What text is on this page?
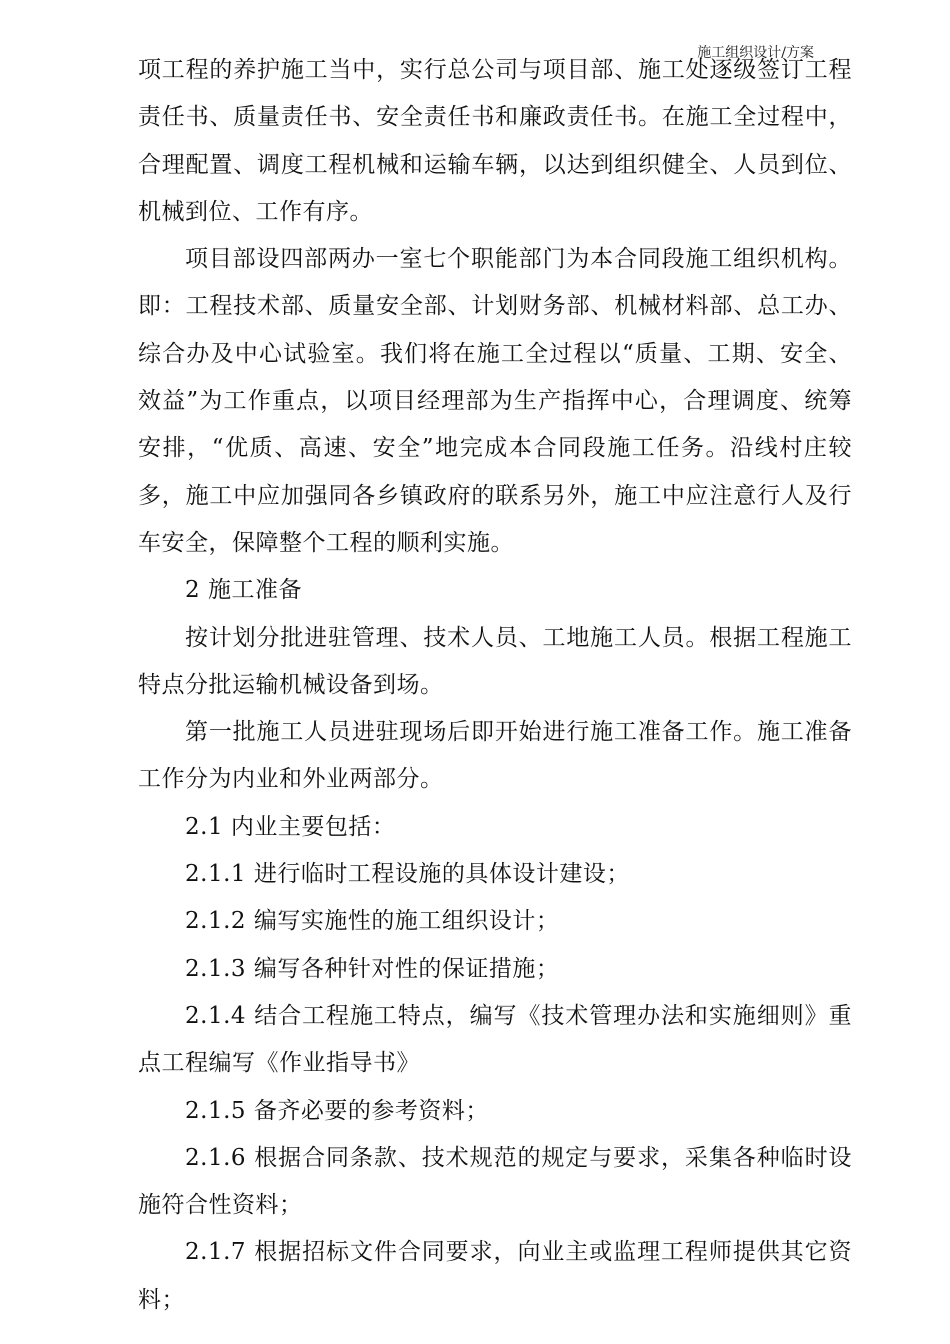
施工组织设计/方案

项工程的养护施工当中，实行总公司与项目部、施工处逐级签订工程责任书、质量责任书、安全责任书和廉政责任书。在施工全过程中，合理配置、调度工程机械和运输车辆，以达到组织健全、人员到位、机械到位、工作有序。

项目部设四部两办一室七个职能部门为本合同段施工组织机构。即：工程技术部、质量安全部、计划财务部、机械材料部、总工办、综合办及中心试验室。我们将在施工全过程以“质量、工期、安全、效益”为工作重点，以项目经理部为生产指挥中心，合理调度、统筹安排，“优质、高速、安全”地完成本合同段施工任务。沿线村庄较多，施工中应加强同各乡镇政府的联系另外，施工中应注意行人及行车安全，保障整个工程的顺利实施。

2 施工准备

按计划分批进驻管理、技术人员、工地施工人员。根据工程施工特点分批运输机械设备到场。

第一批施工人员进驻现场后即开始进行施工准备工作。施工准备工作分为内业和外业两部分。

2.1 内业主要包括：

2.1.1 进行临时工程设施的具体设计建设；

2.1.2 编写实施性的施工组织设计；

2.1.3 编写各种针对性的保证措施；

2.1.4 结合工程施工特点，编写《技术管理办法和实施细则》重点工程编写《作业指导书》

2.1.5 备齐必要的参考资料；

2.1.6 根据合同条款、技术规范的规定与要求，采集各种临时设施符合性资料；

2.1.7 根据招标文件合同要求，向业主或监理工程师提供其它资料；
